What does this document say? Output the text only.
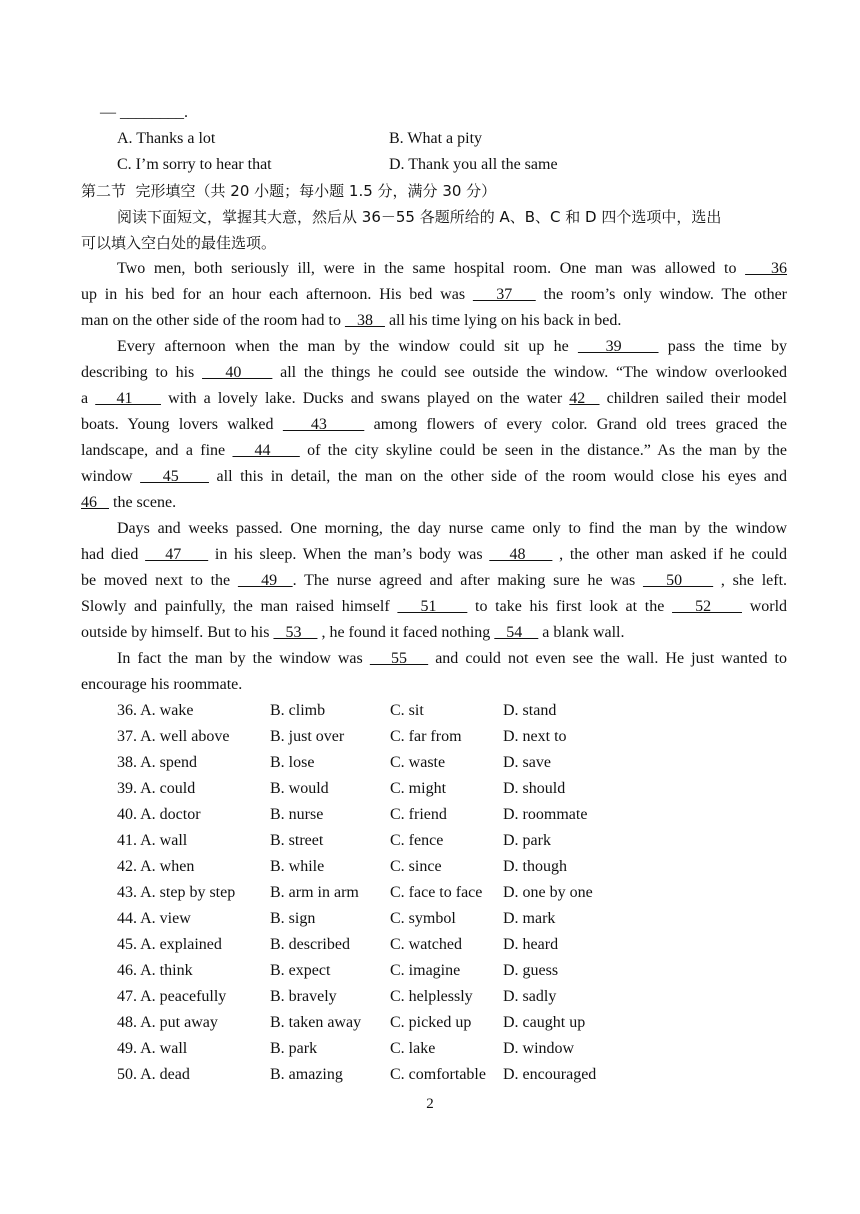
— ________.
A. Thanks a lot	B. What a pity
C. I’m sorry to hear that	D. Thank you all the same
第二节  完形填空（共 20 小题；每小题 1.5 分，满分 30 分）
阅读下面短文，掌握其大意，然后从 36－55 各题所给的 A、B、C 和 D 四个选项中，选出
可以填入空白处的最佳选项。
Two men, both seriously ill, were in the same hospital room. One man was allowed to    36
up in his bed for an hour each afternoon. His bed was    37    the room’s only window. The other
man on the other side of the room had to    38    all his time lying on his back in bed.
Every afternoon when the man by the window could sit up he    39     pass the time by
describing to his    40     all the things he could see outside the window. “The window overlooked
a    41     with a lovely lake. Ducks and swans played on the water 42   children sailed their model
boats. Young lovers walked    43     among flowers of every color. Grand old trees graced the
landscape, and a fine    44     of the city skyline could be seen in the distance.” As the man by the
window    45     all this in detail, the man on the other side of the room would close his eyes and
46    the scene.
Days and weeks passed. One morning, the day nurse came only to find the man by the window
had died    47     in his sleep. When the man’s body was    48     , the other man asked if he could
be moved next to the    49  . The nurse agreed and after making sure he was    50     , she left.
Slowly and painfully, the man raised himself    51     to take his first look at the    52     world
outside by himself. But to his    53     , he found it faced nothing    54     a blank wall.
In fact the man by the window was    55    and could not even see the wall. He just wanted to
encourage his roommate.
36. A. wake	B. climb	C. sit	D. stand
37. A. well above	B. just over	C. far from	D. next to
38. A. spend	B. lose	C. waste	D. save
39. A. could	B. would	C. might	D. should
40. A. doctor	B. nurse	C. friend	D. roommate
41. A. wall	B. street	C. fence	D. park
42. A. when	B. while	C. since	D. though
43. A. step by step B. arm in arm C. face to face D. one by one
44. A. view	B. sign	C. symbol	D. mark
45. A. explained	B. described	C. watched	D. heard
46. A. think	B. expect	C. imagine	D. guess
47. A. peacefully	B. bravely	C. helplessly D. sadly
48. A. put away	B. taken away C. picked up D. caught up
49. A. wall	B. park	C. lake	D. window
50. A. dead	B. amazing	C. comfortable D. encouraged
2
